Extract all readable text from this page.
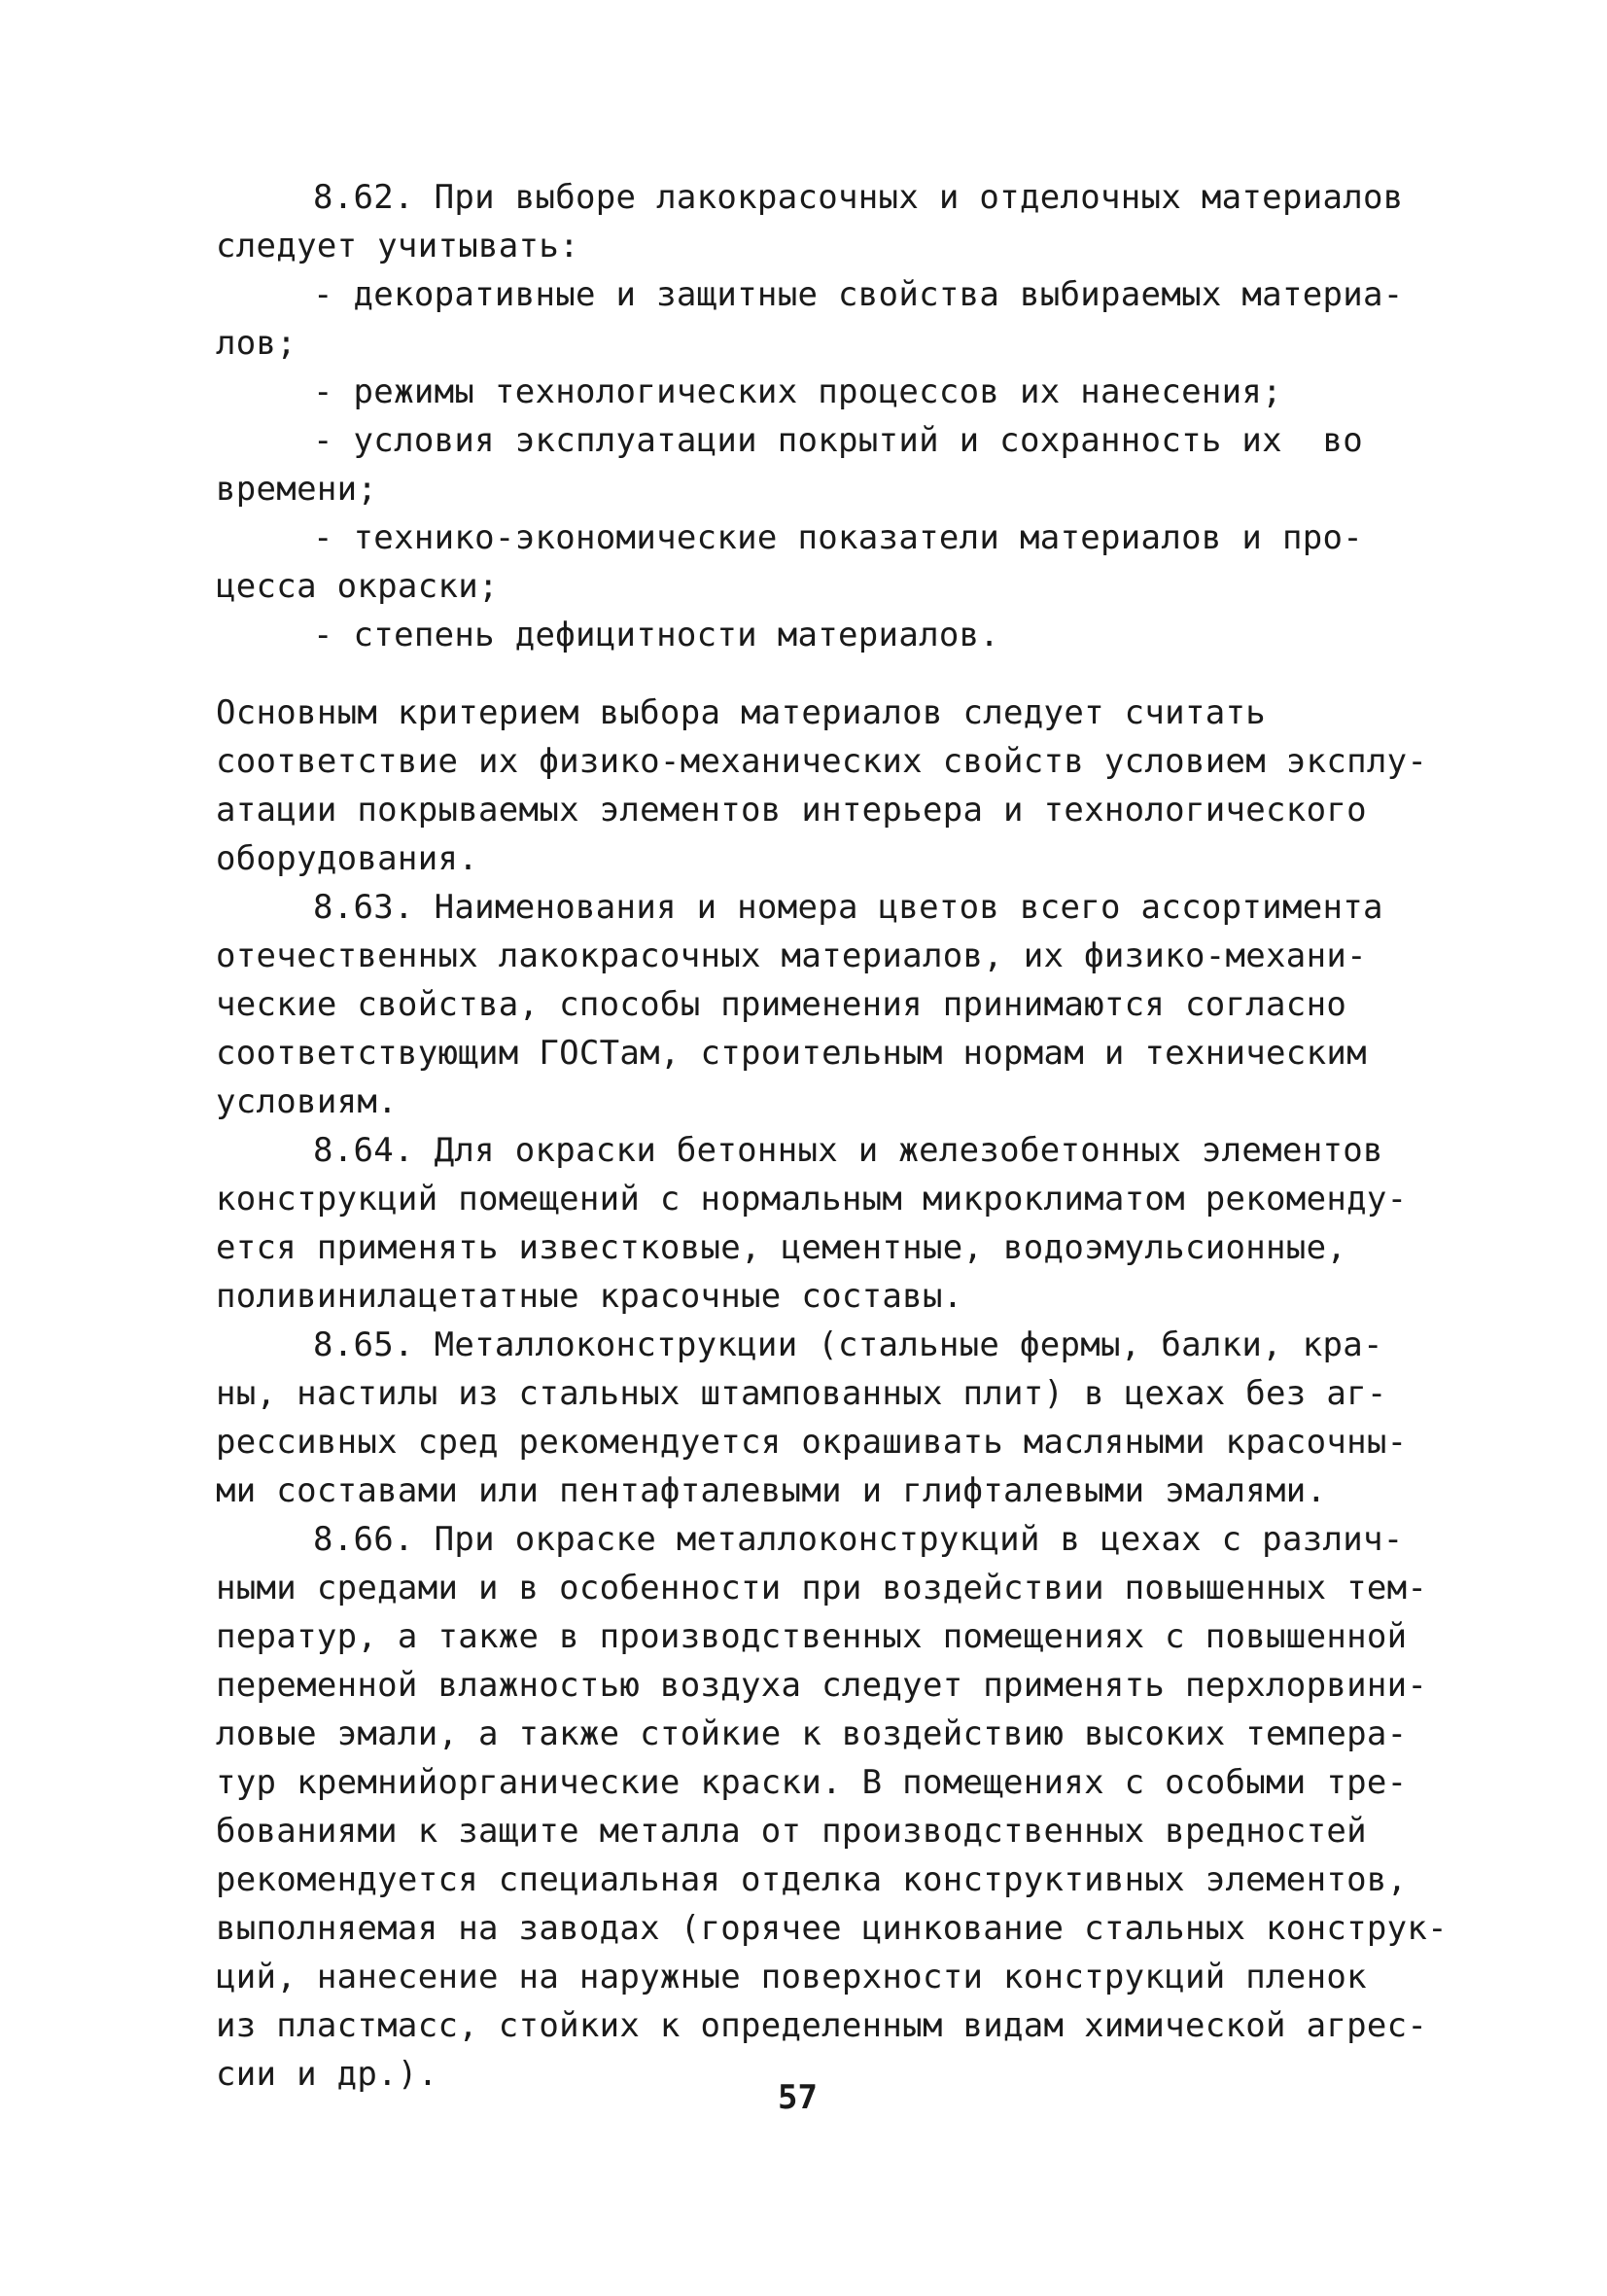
8.62. При выборе лакокрасочных и отделочных материалов
следует учитывать:
- декоративные и защитные свойства выбираемых материа-
лов;
- режимы технологических процессов их нанесения;
- условия эксплуатации покрытий и сохранность их  во
времени;
- технико-экономические показатели материалов и про-
цесса окраски;
- степень дефицитности материалов.
Основным критерием выбора материалов следует считать
соответствие их физико-механических свойств условием эксплу-
атации покрываемых элементов интерьера и технологического
оборудования.
8.63. Наименования и номера цветов всего ассортимента
отечественных лакокрасочных материалов, их физико-механи-
ческие свойства, способы применения принимаются согласно
соответствующим ГОСТам, строительным нормам и техническим
условиям.
8.64. Для окраски бетонных и железобетонных элементов
конструкций помещений с нормальным микроклиматом рекоменду-
ется применять известковые, цементные, водоэмульсионные,
поливинилацетатные красочные составы.
8.65. Металлоконструкции (стальные фермы, балки, кра-
ны, настилы из стальных штампованных плит) в цехах без аг-
рессивных сред рекомендуется окрашивать масляными красочны-
ми составами или пентафталевыми и глифталевыми эмалями.
8.66. При окраске металлоконструкций в цехах с различ-
ными средами и в особенности при воздействии повышенных тем-
ператур, а также в производственных помещениях с повышенной
переменной влажностью воздуха следует применять перхлорвини-
ловые эмали, а также стойкие к воздействию высоких темпера-
тур кремнийорганические краски. В помещениях с особыми тре-
бованиями к защите металла от производственных вредностей
рекомендуется специальная отделка конструктивных элементов,
выполняемая на заводах (горячее цинкование стальных конструк-
ций, нанесение на наружные поверхности конструкций пленок
из пластмасс, стойких к определенным видам химической агрес-
сии и др.).
57
